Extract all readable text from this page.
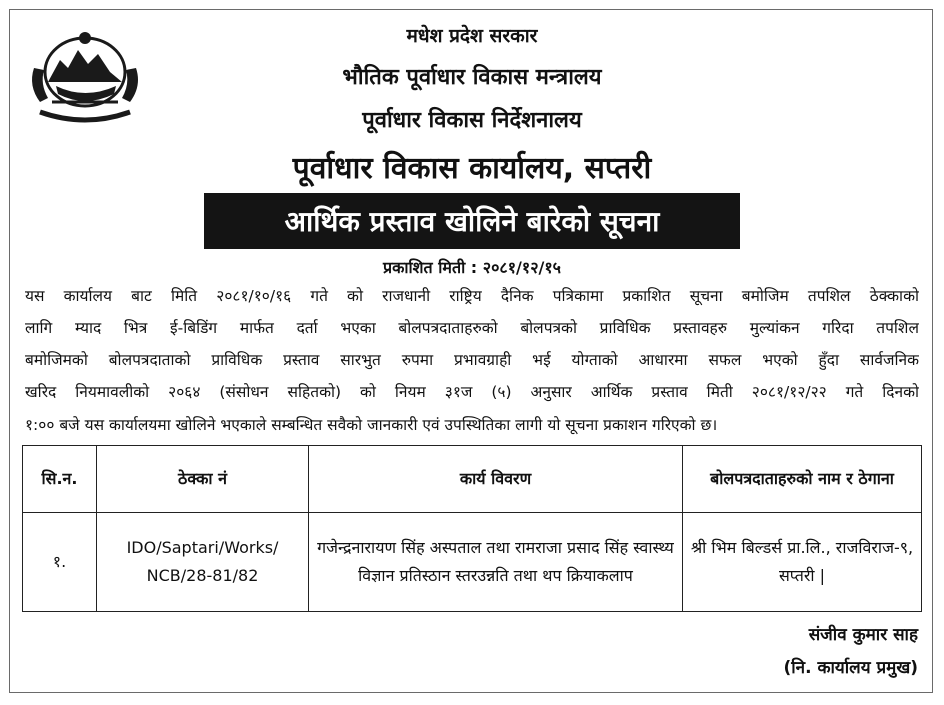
मधेश प्रदेश सरकार
भौतिक पूर्वाधार विकास मन्त्रालय
पूर्वाधार विकास निर्देशनालय
पूर्वाधार विकास कार्यालय, सप्तरी
आर्थिक प्रस्ताव खोलिने बारेको सूचना
प्रकाशित मिती : २०८१/१२/१५
यस कार्यालय बाट मिति २०८१/१०/१६ गते को राजधानी राष्ट्रिय दैनिक पत्रिकामा प्रकाशित सूचना बमोजिम तपशिल ठेक्काको
लागि म्याद भित्र ई-बिडिंग मार्फत दर्ता भएका बोलपत्रदाताहरुको बोलपत्रको प्राविधिक प्रस्तावहरु मुल्यांकन गरिदा तपशिल
बमोजिमको बोलपत्रदाताको प्राविधिक प्रस्ताव सारभुत रुपमा प्रभावग्राही भई योग्ताको आधारमा सफल भएको हुँदा सार्वजनिक
खरिद नियमावलीको २०६४ (संसोधन सहितको) को नियम ३१ज (५) अनुसार आर्थिक प्रस्ताव मिती २०८१/१२/२२ गते दिनको
१:०० बजे यस कार्यालयमा खोलिने भएकाले सम्बन्धित सवैको जानकारी एवं उपस्थितिका लागी यो सूचना प्रकाशन गरिएको छ।
सि.न.	ठेक्का नं	कार्य विवरण	बोलपत्रदाताहरुको नाम र ठेगाना
१.	IDO/Saptari/Works/ NCB/28-81/82	गजेन्द्रनारायण सिंह अस्पताल तथा रामराजा प्रसाद सिंह स्वास्थ्य विज्ञान प्रतिस्ठान स्तरउन्नति तथा थप क्रियाकलाप	श्री भिम बिल्डर्स प्रा.लि., राजविराज-९, सप्तरी |
संजीव कुमार साह
(नि. कार्यालय प्रमुख)
